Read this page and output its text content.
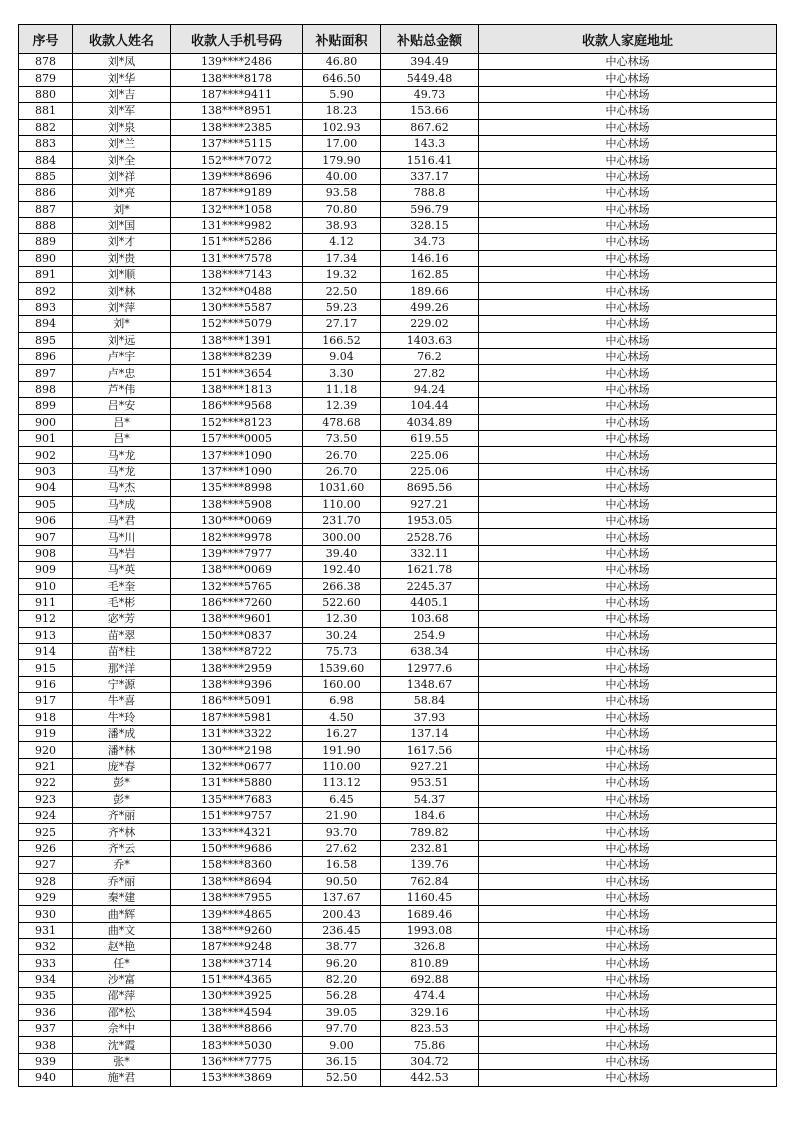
序号	收款人姓名	收款人手机号码	补贴面积	补贴总金额	收款人家庭地址
878	刘*凤	139****2486	46.80	394.49	中心林场
879	刘*华	138****8178	646.50	5449.48	中心林场
880	刘*吉	187****9411	5.90	49.73	中心林场
881	刘*军	138****8951	18.23	153.66	中心林场
882	刘*泉	138****2385	102.93	867.62	中心林场
883	刘*兰	137****5115	17.00	143.3	中心林场
884	刘*全	152****7072	179.90	1516.41	中心林场
885	刘*祥	139****8696	40.00	337.17	中心林场
886	刘*亮	187****9189	93.58	788.8	中心林场
887	刘*	132****1058	70.80	596.79	中心林场
888	刘*国	131****9982	38.93	328.15	中心林场
889	刘*才	151****5286	4.12	34.73	中心林场
890	刘*贵	131****7578	17.34	146.16	中心林场
891	刘*顺	138****7143	19.32	162.85	中心林场
892	刘*林	132****0488	22.50	189.66	中心林场
893	刘*萍	130****5587	59.23	499.26	中心林场
894	刘*	152****5079	27.17	229.02	中心林场
895	刘*远	138****1391	166.52	1403.63	中心林场
896	卢*宇	138****8239	9.04	76.2	中心林场
897	卢*忠	151****3654	3.30	27.82	中心林场
898	芦*伟	138****1813	11.18	94.24	中心林场
899	吕*安	186****9568	12.39	104.44	中心林场
900	吕*	152****8123	478.68	4034.89	中心林场
901	吕*	157****0005	73.50	619.55	中心林场
902	马*龙	137****1090	26.70	225.06	中心林场
903	马*龙	137****1090	26.70	225.06	中心林场
904	马*杰	135****8998	1031.60	8695.56	中心林场
905	马*成	138****5908	110.00	927.21	中心林场
906	马*君	130****0069	231.70	1953.05	中心林场
907	马*川	182****9978	300.00	2528.76	中心林场
908	马*岩	139****7977	39.40	332.11	中心林场
909	马*英	138****0069	192.40	1621.78	中心林场
910	毛*奎	132****5765	266.38	2245.37	中心林场
911	毛*彬	186****7260	522.60	4405.1	中心林场
912	宓*芳	138****9601	12.30	103.68	中心林场
913	苗*翠	150****0837	30.24	254.9	中心林场
914	苗*柱	138****8722	75.73	638.34	中心林场
915	那*洋	138****2959	1539.60	12977.6	中心林场
916	宁*源	138****9396	160.00	1348.67	中心林场
917	牛*喜	186****5091	6.98	58.84	中心林场
918	牛*玲	187****5981	4.50	37.93	中心林场
919	潘*成	131****3322	16.27	137.14	中心林场
920	潘*林	130****2198	191.90	1617.56	中心林场
921	庞*春	132****0677	110.00	927.21	中心林场
922	彭*	131****5880	113.12	953.51	中心林场
923	彭*	135****7683	6.45	54.37	中心林场
924	齐*丽	151****9757	21.90	184.6	中心林场
925	齐*林	133****4321	93.70	789.82	中心林场
926	齐*云	150****9686	27.62	232.81	中心林场
927	乔*	158****8360	16.58	139.76	中心林场
928	乔*丽	138****8694	90.50	762.84	中心林场
929	秦*建	138****7955	137.67	1160.45	中心林场
930	曲*辉	139****4865	200.43	1689.46	中心林场
931	曲*文	138****9260	236.45	1993.08	中心林场
932	赵*艳	187****9248	38.77	326.8	中心林场
933	任*	138****3714	96.20	810.89	中心林场
934	沙*富	151****4365	82.20	692.88	中心林场
935	邵*萍	130****3925	56.28	474.4	中心林场
936	邵*松	138****4594	39.05	329.16	中心林场
937	佘*中	138****8866	97.70	823.53	中心林场
938	沈*霞	183****5030	9.00	75.86	中心林场
939	张*	136****7775	36.15	304.72	中心林场
940	施*君	153****3869	52.50	442.53	中心林场
